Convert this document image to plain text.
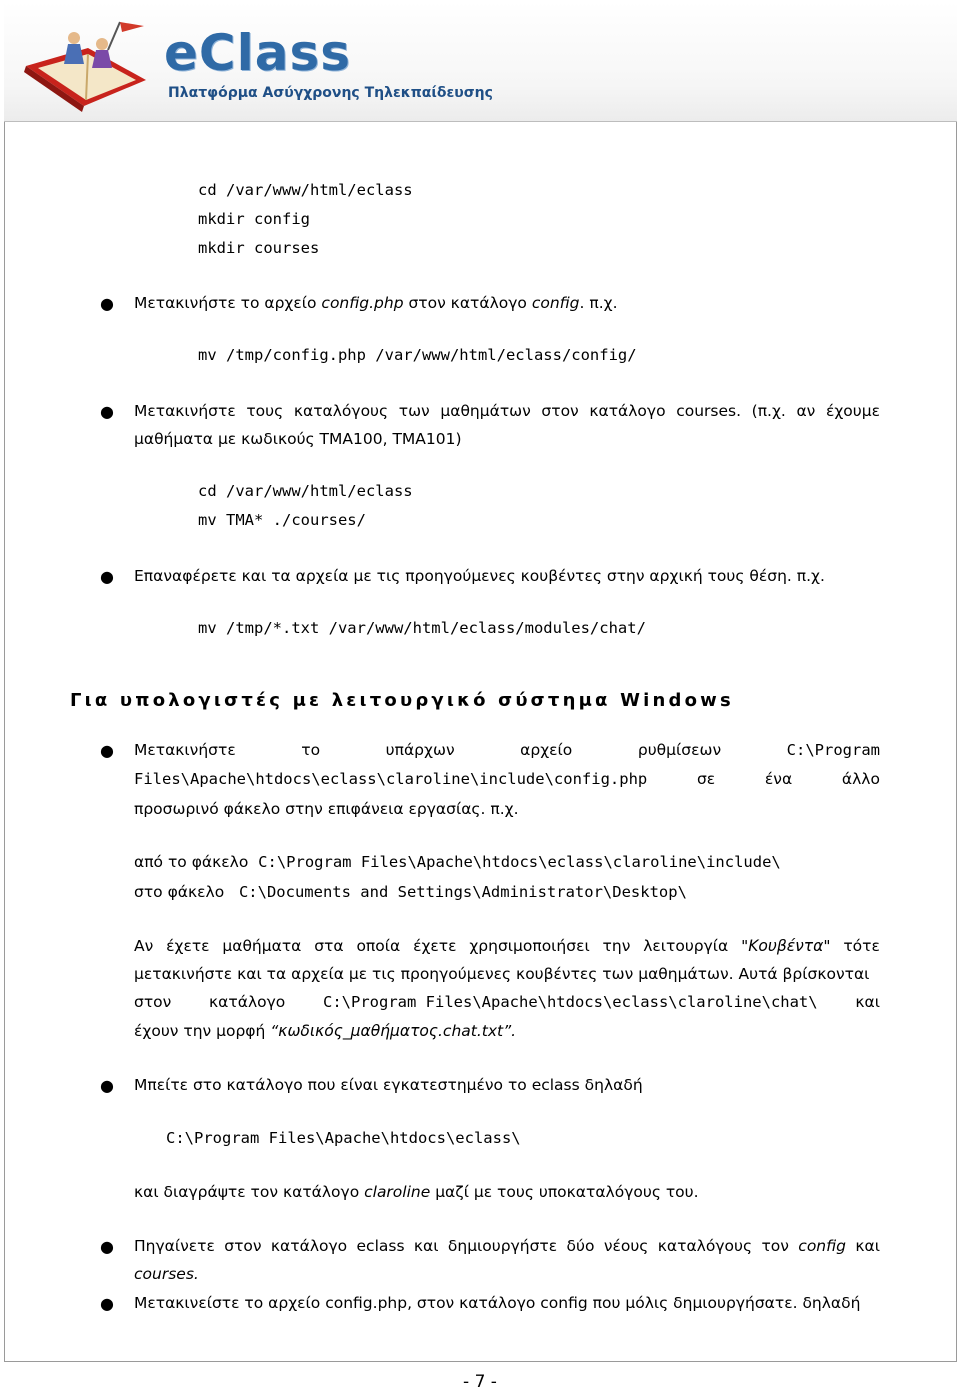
eClass
Πλατφόρμα Ασύγχρονης Τηλεκπαίδευσης
cd /var/www/html/eclass
mkdir config
mkdir courses
● Μετακινήστε το αρχείο config.php στον κατάλογο config. π.χ.
mv /tmp/config.php /var/www/html/eclass/config/
● Μετακινήστε τους καταλόγους των μαθημάτων στον κατάλογο courses. (π.χ. αν έχουμε
μαθήματα με κωδικούς TMA100, TMA101)
cd /var/www/html/eclass
mv TMA* ./courses/
● Επαναφέρετε και τα αρχεία με τις προηγούμενες κουβέντες στην αρχική τους θέση. π.χ.
mv /tmp/*.txt /var/www/html/eclass/modules/chat/
Για υπολογιστές με λειτουργικό σύστημα Windows
● Μετακινήστε	το	υπάρχων	αρχείο	ρυθμίσεων	C:\Program
Files\Apache\htdocs\eclass\claroline\include\config.php	σε	ένα	άλλο
προσωρινό φάκελο στην επιφάνεια εργασίας. π.χ.
από το φάκελο C:\Program Files\Apache\htdocs\eclass\claroline\include\
στο φάκελο C:\Documents and Settings\Administrator\Desktop\
Αν έχετε μαθήματα στα οποία έχετε χρησιμοποιήσει την λειτουργία "Κουβέντα" τότε
μετακινήστε και τα αρχεία με τις προηγούμενες κουβέντες των μαθημάτων. Αυτά βρίσκονται
στον κατάλογο C:\Program Files\Apache\htdocs\eclass\claroline\chat\ και
έχουν την μορφή “κωδικός_μαθήματος.chat.txt”.
● Μπείτε στο κατάλογο που είναι εγκατεστημένο το eclass δηλαδή
C:\Program Files\Apache\htdocs\eclass\
και διαγράψτε τον κατάλογο claroline μαζί με τους υποκαταλόγους του.
● Πηγαίνετε στον κατάλογο eclass και δημιουργήστε δύο νέους καταλόγους τον config και
courses.
● Μετακινείστε το αρχείο config.php, στον κατάλογο config που μόλις δημιουργήσατε. δηλαδή
- 7 -
